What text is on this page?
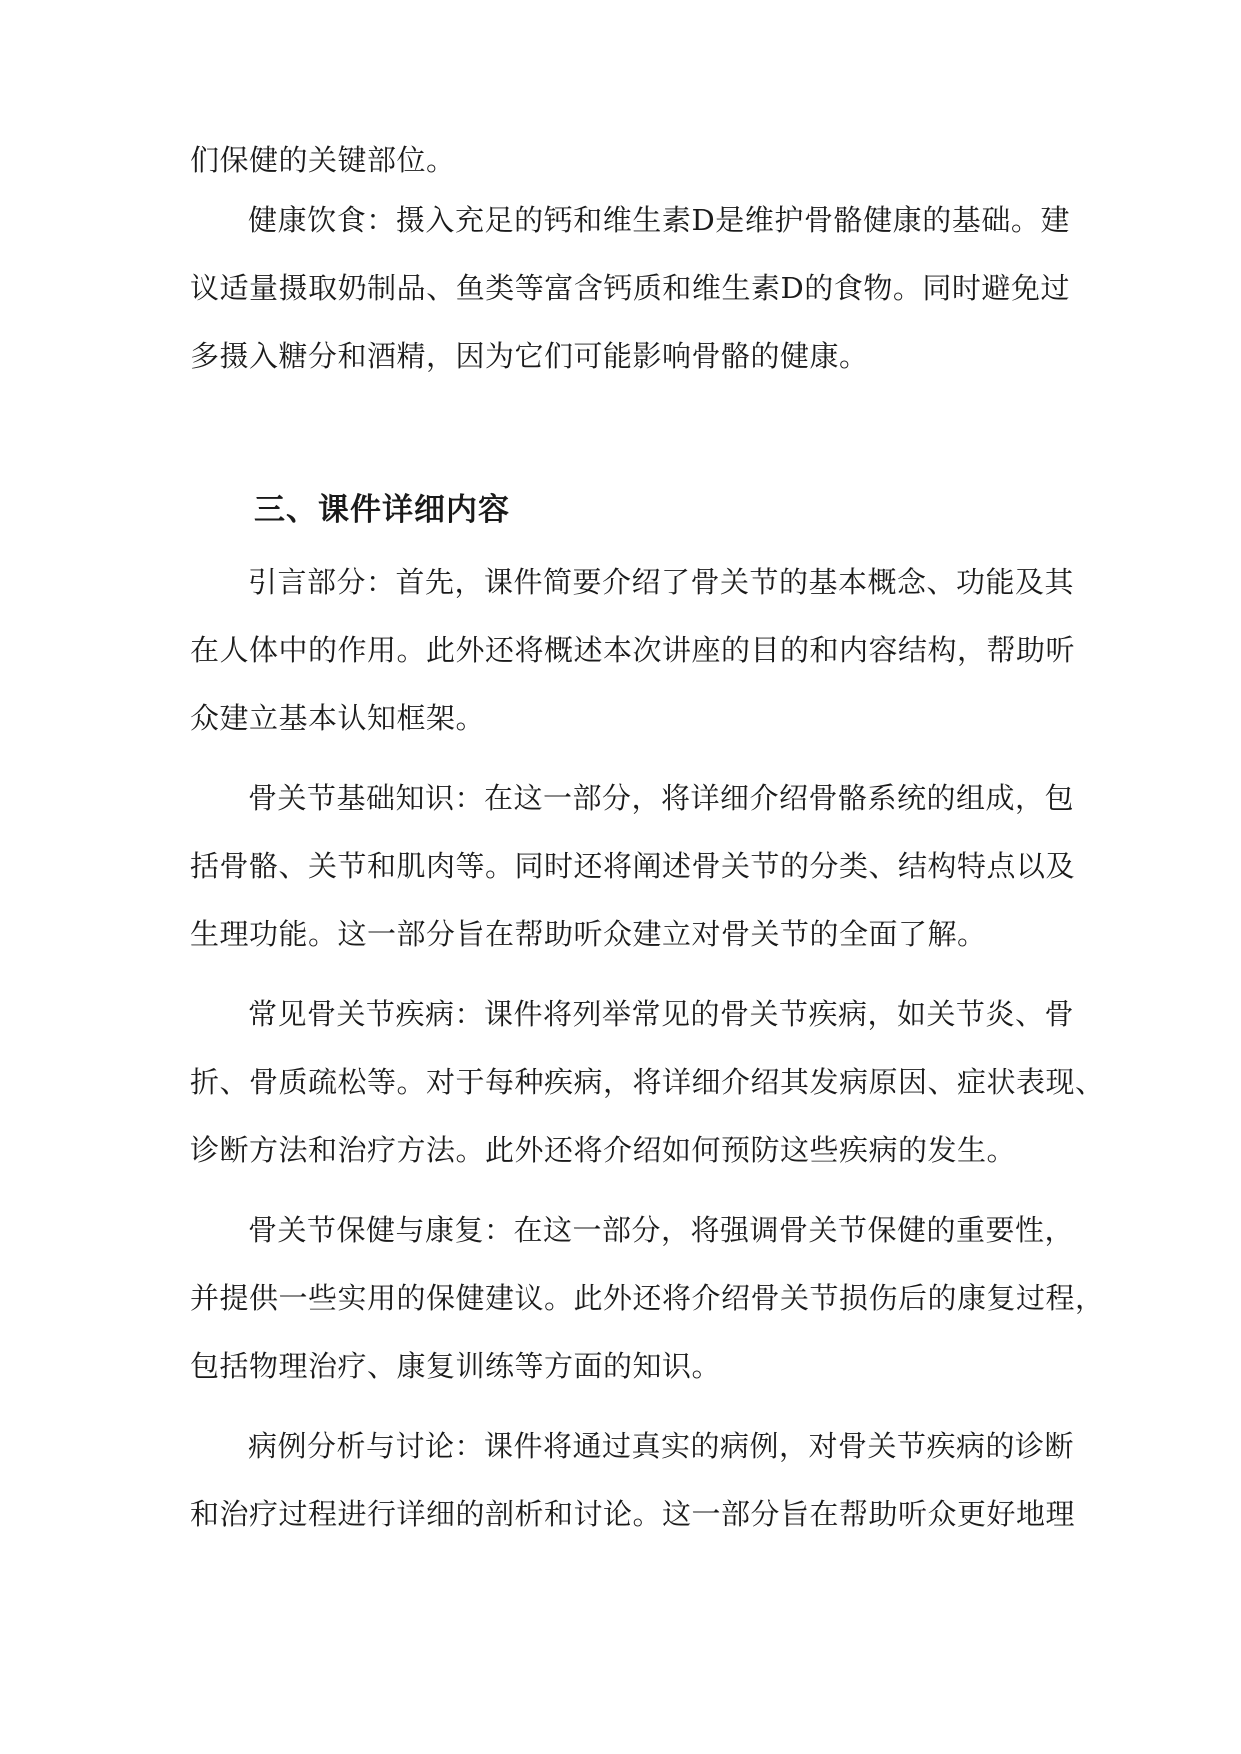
们保健的关键部位。
健康饮食：摄入充足的钙和维生素D是维护骨骼健康的基础。建
议适量摄取奶制品、鱼类等富含钙质和维生素D的食物。同时避免过
多摄入糖分和酒精，因为它们可能影响骨骼的健康。
三、课件详细内容
引言部分：首先，课件简要介绍了骨关节的基本概念、功能及其
在人体中的作用。此外还将概述本次讲座的目的和内容结构，帮助听
众建立基本认知框架。
骨关节基础知识：在这一部分，将详细介绍骨骼系统的组成，包
括骨骼、关节和肌肉等。同时还将阐述骨关节的分类、结构特点以及
生理功能。这一部分旨在帮助听众建立对骨关节的全面了解。
常见骨关节疾病：课件将列举常见的骨关节疾病，如关节炎、骨
折、骨质疏松等。对于每种疾病，将详细介绍其发病原因、症状表现、
诊断方法和治疗方法。此外还将介绍如何预防这些疾病的发生。
骨关节保健与康复：在这一部分，将强调骨关节保健的重要性，
并提供一些实用的保健建议。此外还将介绍骨关节损伤后的康复过程，
包括物理治疗、康复训练等方面的知识。
病例分析与讨论：课件将通过真实的病例，对骨关节疾病的诊断
和治疗过程进行详细的剖析和讨论。这一部分旨在帮助听众更好地理
